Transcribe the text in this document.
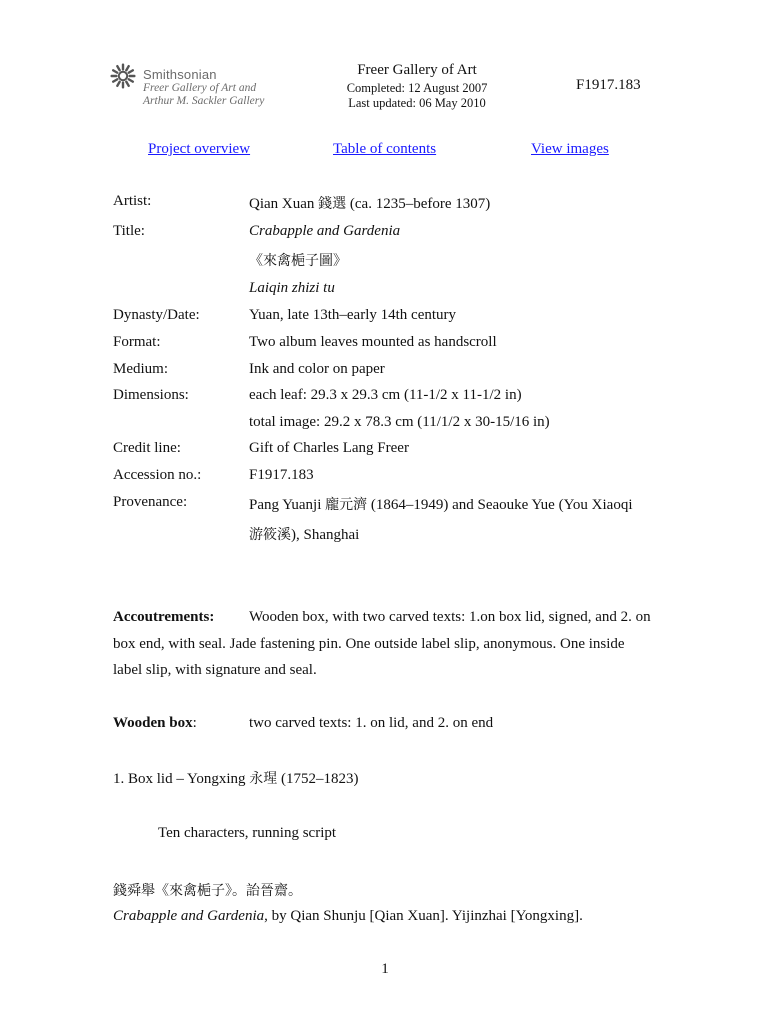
Smithsonian
Freer Gallery of Art and
Arthur M. Sackler Gallery
Freer Gallery of Art
Completed: 12 August 2007
Last updated: 06 May 2010
F1917.183
Project overview	Table of contents	View images
Artist:	Qian Xuan 錢選 (ca. 1235–before 1307)
Title:	Crabapple and Gardenia
《來禽梔子圖》
Laiqin zhizi tu
Dynasty/Date:	Yuan, late 13th–early 14th century
Format:	Two album leaves mounted as handscroll
Medium:	Ink and color on paper
Dimensions:	each leaf: 29.3 x 29.3 cm (11-1/2 x 11-1/2 in)
total image: 29.2 x 78.3 cm (11/1/2 x 30-15/16 in)
Credit line:	Gift of Charles Lang Freer
Accession no.:	F1917.183
Provenance:	Pang Yuanji 龐元濟 (1864–1949) and Seaouke Yue (You Xiaoqi
游筱溪), Shanghai
Accoutrements: Wooden box, with two carved texts: 1.on box lid, signed, and 2. on
box end, with seal. Jade fastening pin. One outside label slip, anonymous. One inside
label slip, with signature and seal.
Wooden box:	two carved texts: 1. on lid, and 2. on end
1. Box lid – Yongxing 永瑆 (1752–1823)
Ten characters, running script
錢舜舉《來禽梔子》。詒晉齋。
Crabapple and Gardenia, by Qian Shunju [Qian Xuan]. Yijinzhai [Yongxing].
1
